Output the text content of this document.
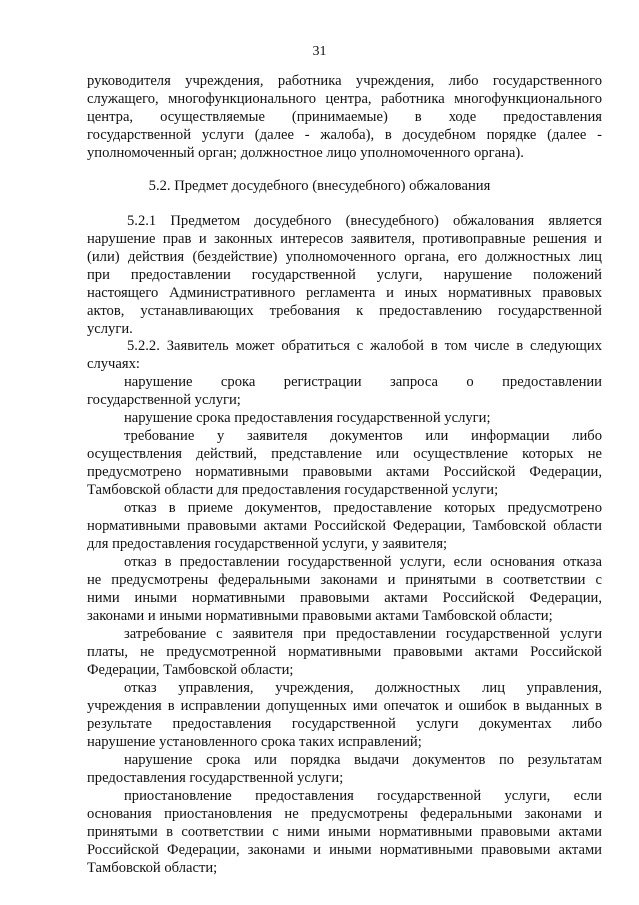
31
руководителя учреждения, работника учреждения, либо государственного
служащего, многофункционального центра, работника многофункционального
центра, осуществляемые (принимаемые) в ходе предоставления
государственной услуги (далее - жалоба), в досудебном порядке (далее -
уполномоченный орган; должностное лицо уполномоченного органа).
5.2. Предмет досудебного (внесудебного) обжалования
5.2.1 Предметом досудебного (внесудебного) обжалования является
нарушение прав и законных интересов заявителя, противоправные решения и
(или) действия (бездействие) уполномоченного органа, его должностных лиц
при предоставлении государственной услуги, нарушение положений
настоящего Административного регламента и иных нормативных правовых
актов, устанавливающих требования к предоставлению государственной
услуги.
5.2.2. Заявитель может обратиться с жалобой в том числе в следующих
случаях:
нарушение срока регистрации запроса о предоставлении
государственной услуги;
нарушение срока предоставления государственной услуги;
требование у заявителя документов или информации либо
осуществления действий, представление или осуществление которых не
предусмотрено нормативными правовыми актами Российской Федерации,
Тамбовской области для предоставления государственной услуги;
отказ в приеме документов, предоставление которых предусмотрено
нормативными правовыми актами Российской Федерации, Тамбовской области
для предоставления государственной услуги, у заявителя;
отказ в предоставлении государственной услуги, если основания отказа
не предусмотрены федеральными законами и принятыми в соответствии с
ними иными нормативными правовыми актами Российской Федерации,
законами и иными нормативными правовыми актами Тамбовской области;
затребование с заявителя при предоставлении государственной услуги
платы, не предусмотренной нормативными правовыми актами Российской
Федерации, Тамбовской области;
отказ управления, учреждения, должностных лиц управления,
учреждения в исправлении допущенных ими опечаток и ошибок в выданных в
результате предоставления государственной услуги документах либо
нарушение установленного срока таких исправлений;
нарушение срока или порядка выдачи документов по результатам
предоставления государственной услуги;
приостановление предоставления государственной услуги, если
основания приостановления не предусмотрены федеральными законами и
принятыми в соответствии с ними иными нормативными правовыми актами
Российской Федерации, законами и иными нормативными правовыми актами
Тамбовской области;
